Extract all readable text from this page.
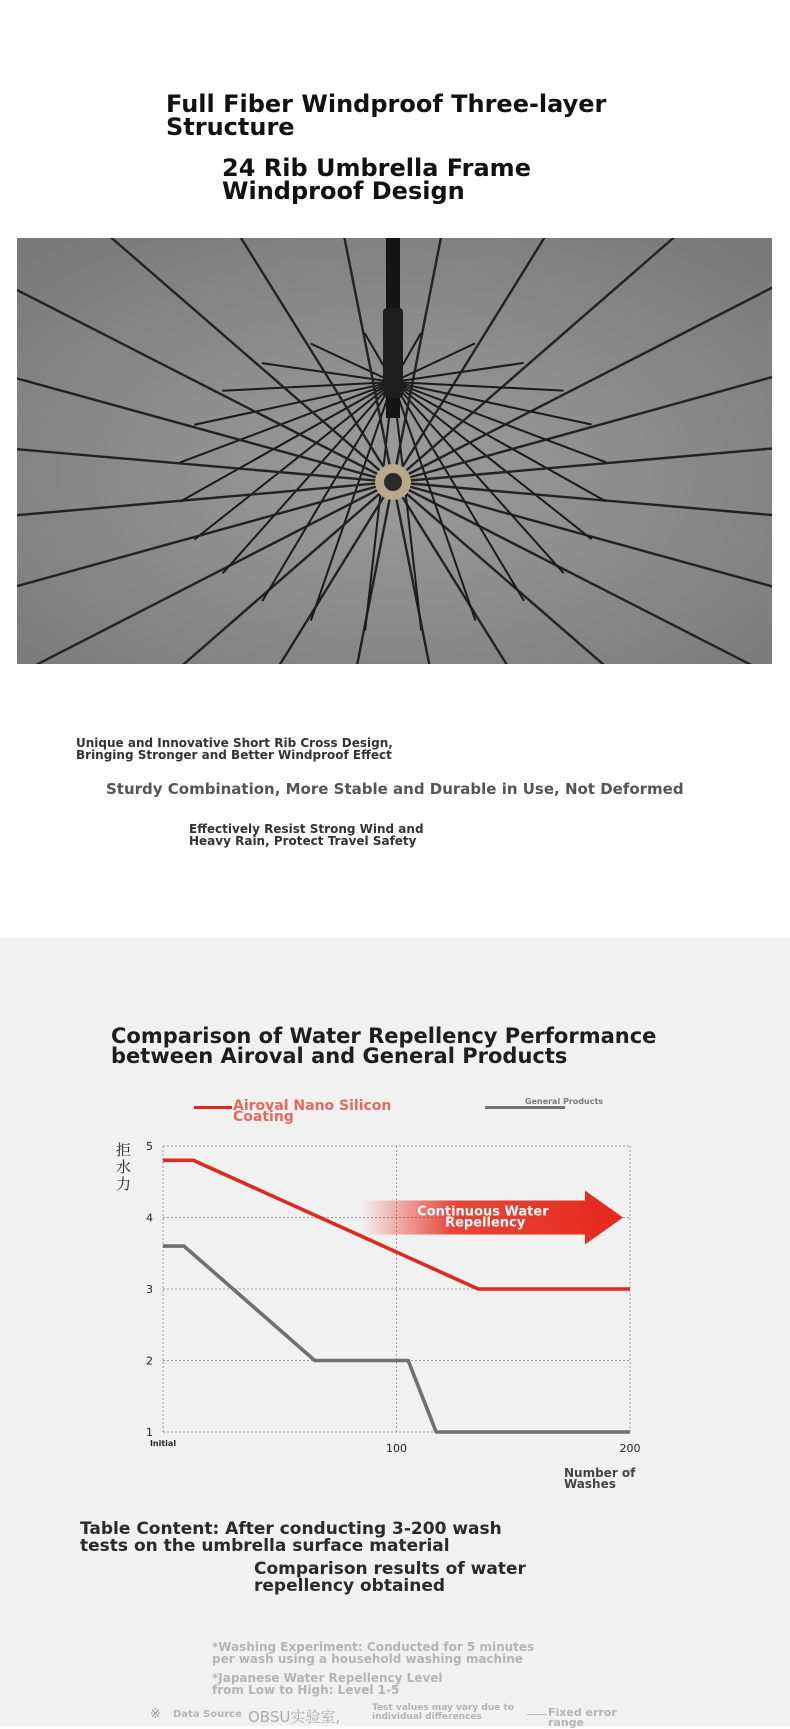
Full Fiber Windproof Three-layer
Structure
24 Rib Umbrella Frame
Windproof Design
Unique and Innovative Short Rib Cross Design,
Bringing Stronger and Better Windproof Effect
Sturdy Combination, More Stable and Durable in Use, Not Deformed
Effectively Resist Strong Wind and
Heavy Rain, Protect Travel Safety
Comparison of Water Repellency Performance
between Airoval and General Products
Airoval Nano Silicon
Coating
General Products
Continuous Water Repellency
1
2
3
4
5
Initial	100	200
拒
水
力
Number of
Washes
Table Content: After conducting 3-200 wash
tests on the umbrella surface material
Comparison results of water
repellency obtained
*Washing Experiment: Conducted for 5 minutes
per wash using a household washing machine
*Japanese Water Repellency Level
from Low to High: Level 1-5
※ Data Source OBSU实验室,	Test values may vary due to
individual differences	Fixed error
range
